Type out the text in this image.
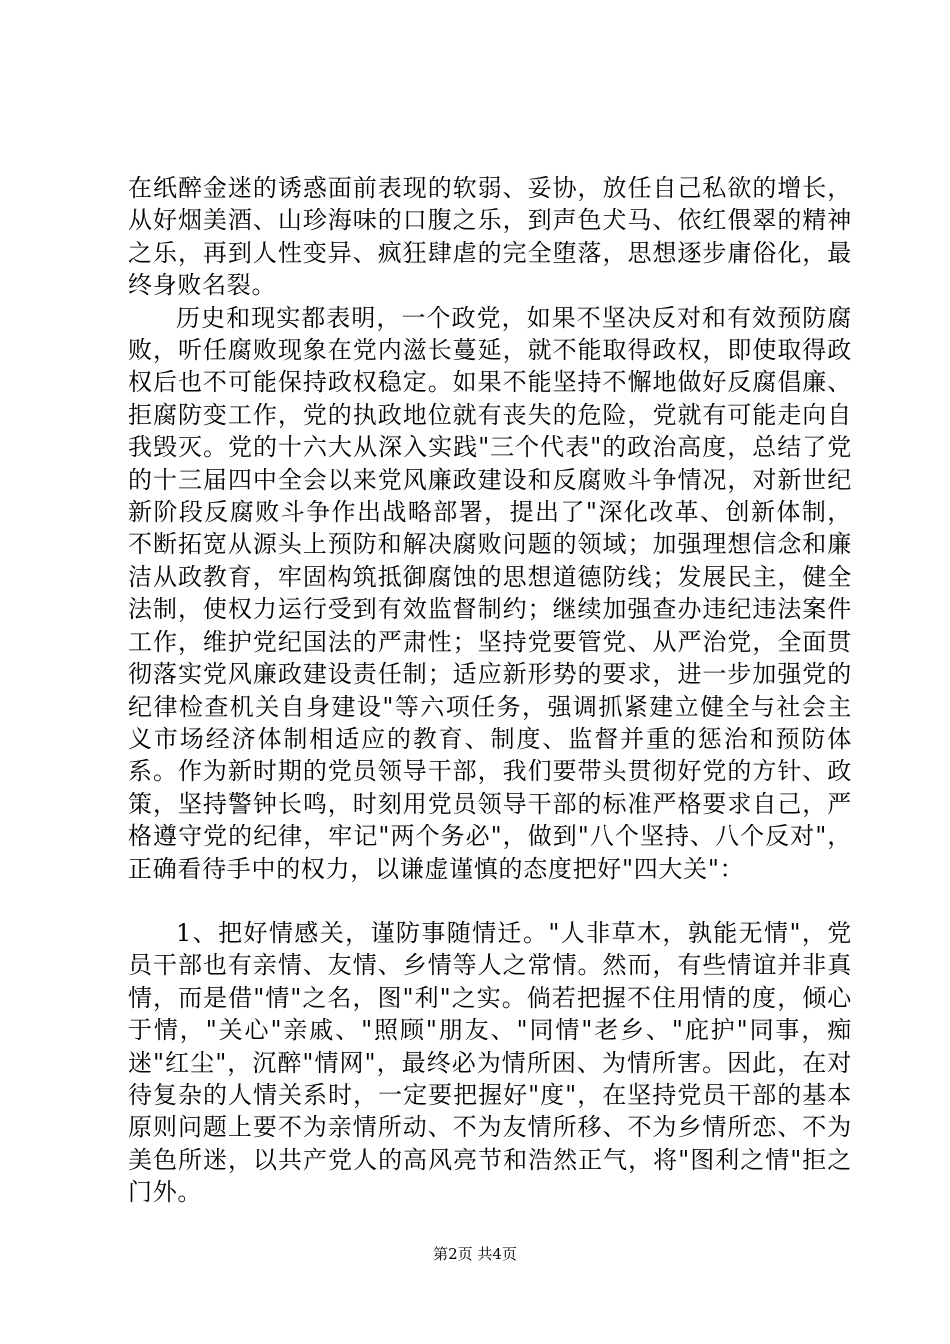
在纸醉金迷的诱惑面前表现的软弱、妥协，放任自己私欲的增长，从好烟美酒、山珍海味的口腹之乐，到声色犬马、依红偎翠的精神之乐，再到人性变异、疯狂肆虐的完全堕落，思想逐步庸俗化，最终身败名裂。

历史和现实都表明，一个政党，如果不坚决反对和有效预防腐败，听任腐败现象在党内滋长蔓延，就不能取得政权，即使取得政权后也不可能保持政权稳定。如果不能坚持不懈地做好反腐倡廉、拒腐防变工作，党的执政地位就有丧失的危险，党就有可能走向自我毁灭。党的十六大从深入实践"三个代表"的政治高度，总结了党的十三届四中全会以来党风廉政建设和反腐败斗争情况，对新世纪新阶段反腐败斗争作出战略部署，提出了"深化改革、创新体制，不断拓宽从源头上预防和解决腐败问题的领域；加强理想信念和廉洁从政教育，牢固构筑抵御腐蚀的思想道德防线；发展民主，健全法制，使权力运行受到有效监督制约；继续加强查办违纪违法案件工作，维护党纪国法的严肃性；坚持党要管党、从严治党，全面贯彻落实党风廉政建设责任制；适应新形势的要求，进一步加强党的纪律检查机关自身建设"等六项任务，强调抓紧建立健全与社会主义市场经济体制相适应的教育、制度、监督并重的惩治和预防体系。作为新时期的党员领导干部，我们要带头贯彻好党的方针、政策，坚持警钟长鸣，时刻用党员领导干部的标准严格要求自己，严格遵守党的纪律，牢记"两个务必"，做到"八个坚持、八个反对"，正确看待手中的权力，以谦虚谨慎的态度把好"四大关"：

1、把好情感关，谨防事随情迁。"人非草木，孰能无情"，党员干部也有亲情、友情、乡情等人之常情。然而，有些情谊并非真情，而是借"情"之名，图"利"之实。倘若把握不住用情的度，倾心于情，"关心"亲戚、"照顾"朋友、"同情"老乡、"庇护"同事，痴迷"红尘"，沉醉"情网"，最终必为情所困、为情所害。因此，在对待复杂的人情关系时，一定要把握好"度"，在坚持党员干部的基本原则问题上要不为亲情所动、不为友情所移、不为乡情所恋、不为美色所迷，以共产党人的高风亮节和浩然正气，将"图利之情"拒之门外。

第2页 共4页
